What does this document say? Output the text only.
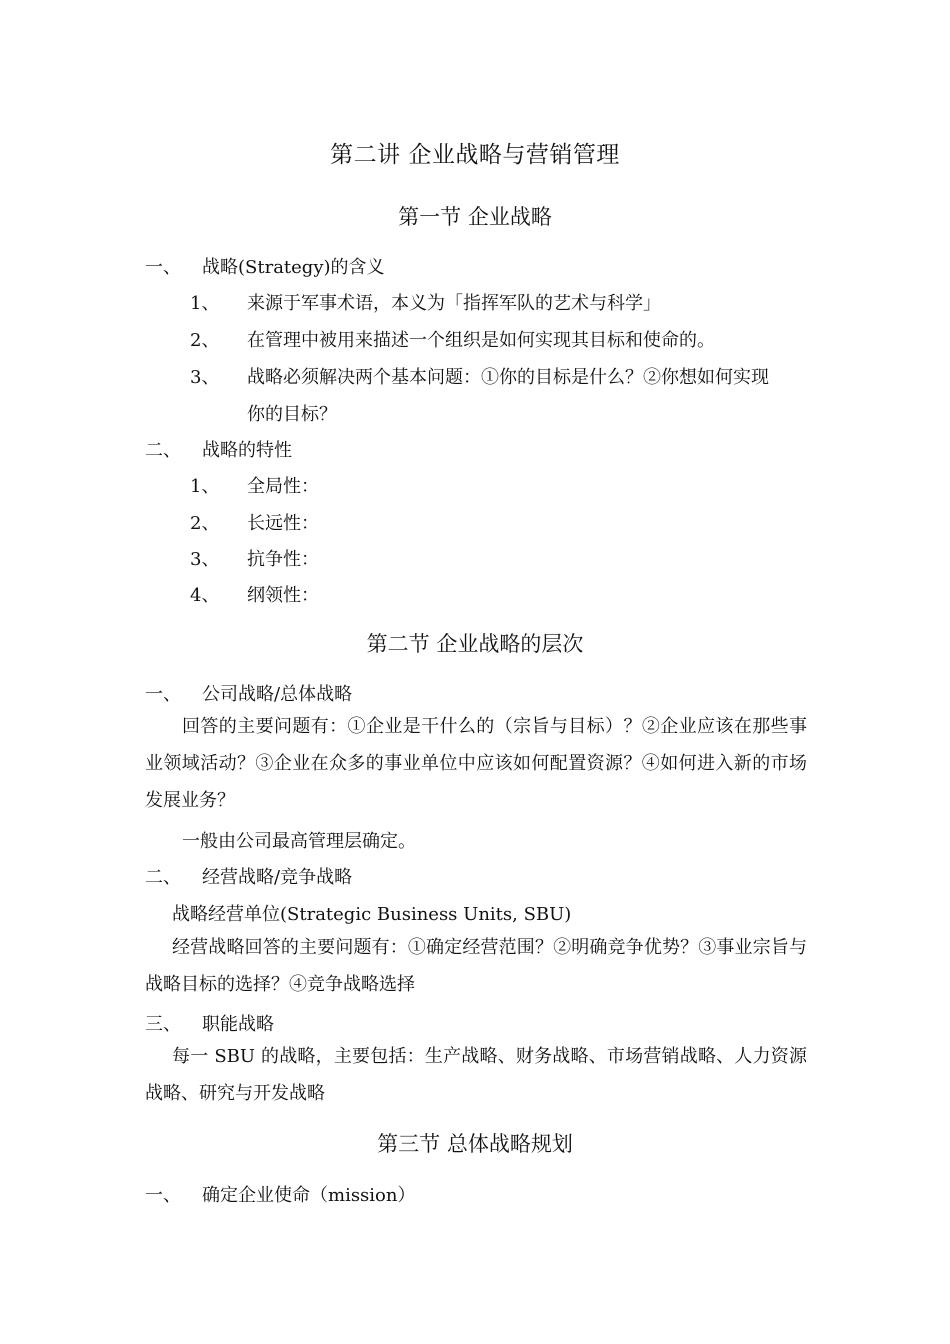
第二讲 企业战略与营销管理
第一节 企业战略
一、 战略(Strategy)的含义
1、 来源于军事术语，本义为「指挥军队的艺术与科学」
2、 在管理中被用来描述一个组织是如何实现其目标和使命的。
3、 战略必须解决两个基本问题：①你的目标是什么？②你想如何实现
你的目标？
二、 战略的特性
1、 全局性：
2、 长远性：
3、 抗争性：
4、 纲领性：
第二节 企业战略的层次
一、 公司战略/总体战略
回答的主要问题有：①企业是干什么的（宗旨与目标）？②企业应该在那些事业领域活动？③企业在众多的事业单位中应该如何配置资源？④如何进入新的市场发展业务？
一般由公司最高管理层确定。
二、 经营战略/竞争战略
战略经营单位(Strategic Business Units, SBU)
经营战略回答的主要问题有：①确定经营范围？②明确竞争优势？③事业宗旨与战略目标的选择？④竞争战略选择
三、 职能战略
每一 SBU 的战略，主要包括：生产战略、财务战略、市场营销战略、人力资源战略、研究与开发战略
第三节 总体战略规划
一、 确定企业使命（mission）
